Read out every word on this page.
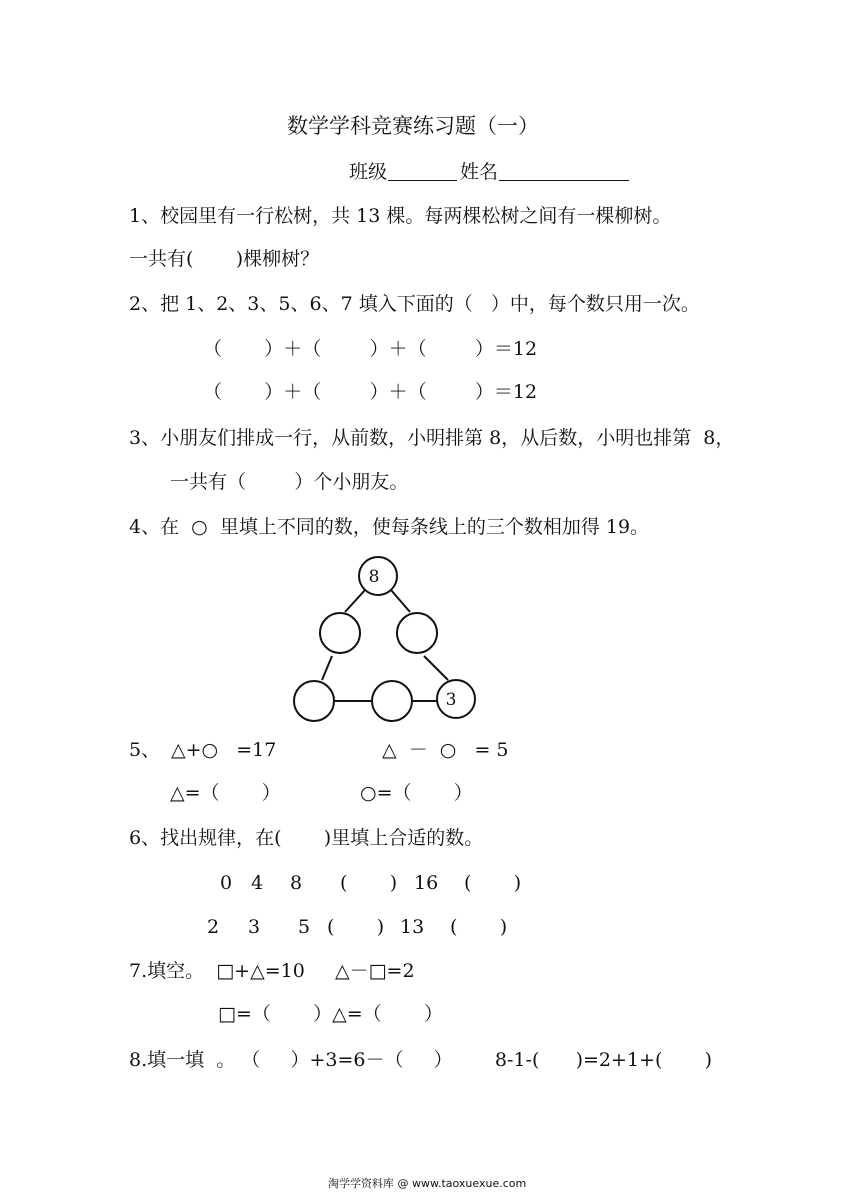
数学学科竞赛练习题（一）
班级	姓名
1、校园里有一行松树，共 13 棵。每两棵松树之间有一棵柳树。
一共有(       )棵柳树？
2、把 1、2、3、5、6、7 填入下面的（   ）中，每个数只用一次。
（       ）＋（        ）＋（        ）＝12
（       ）＋（        ）＋（        ）＝12
3、小朋友们排成一行，从前数，小明排第 8，从后数，小明也排第  8，
一共有（        ）个小朋友。
4、在  ○  里填上不同的数，使每条线上的三个数相加得 19。
8
3
5、 △+○   =17	△  －  ○   = 5
△=（       ）	○=（       ）
6、找出规律，在(       )里填上合适的数。
0 4 8 (       ) 16 (       )
2 3 5 (       ) 13 (       )
7.填空。  □+△=10     △－□=2
□=（       ）△=（       ）
8.填一填  。 （     ）+3=6－（     ）       8-1-(      )=2+1+(       )
淘学学资料库 @ www.taoxuexue.com
